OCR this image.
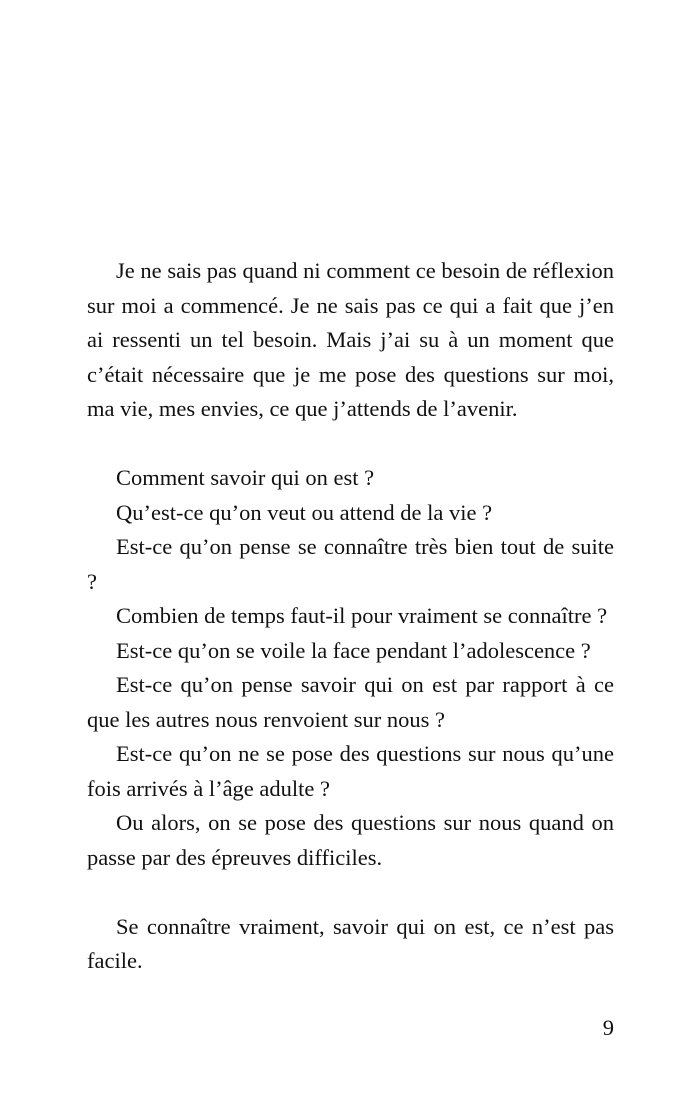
Je ne sais pas quand ni comment ce besoin de réflexion sur moi a commencé. Je ne sais pas ce qui a fait que j’en ai ressenti un tel besoin. Mais j’ai su à un moment que c’était nécessaire que je me pose des questions sur moi, ma vie, mes envies, ce que j’attends de l’avenir.

Comment savoir qui on est ?

Qu’est-ce qu’on veut ou attend de la vie ?

Est-ce qu’on pense se connaître très bien tout de suite ?

Combien de temps faut-il pour vraiment se connaître ?

Est-ce qu’on se voile la face pendant l’adolescence ?

Est-ce qu’on pense savoir qui on est par rapport à ce que les autres nous renvoient sur nous ?

Est-ce qu’on ne se pose des questions sur nous qu’une fois arrivés à l’âge adulte ?

Ou alors, on se pose des questions sur nous quand on passe par des épreuves difficiles.

Se connaître vraiment, savoir qui on est, ce n’est pas facile.

9
